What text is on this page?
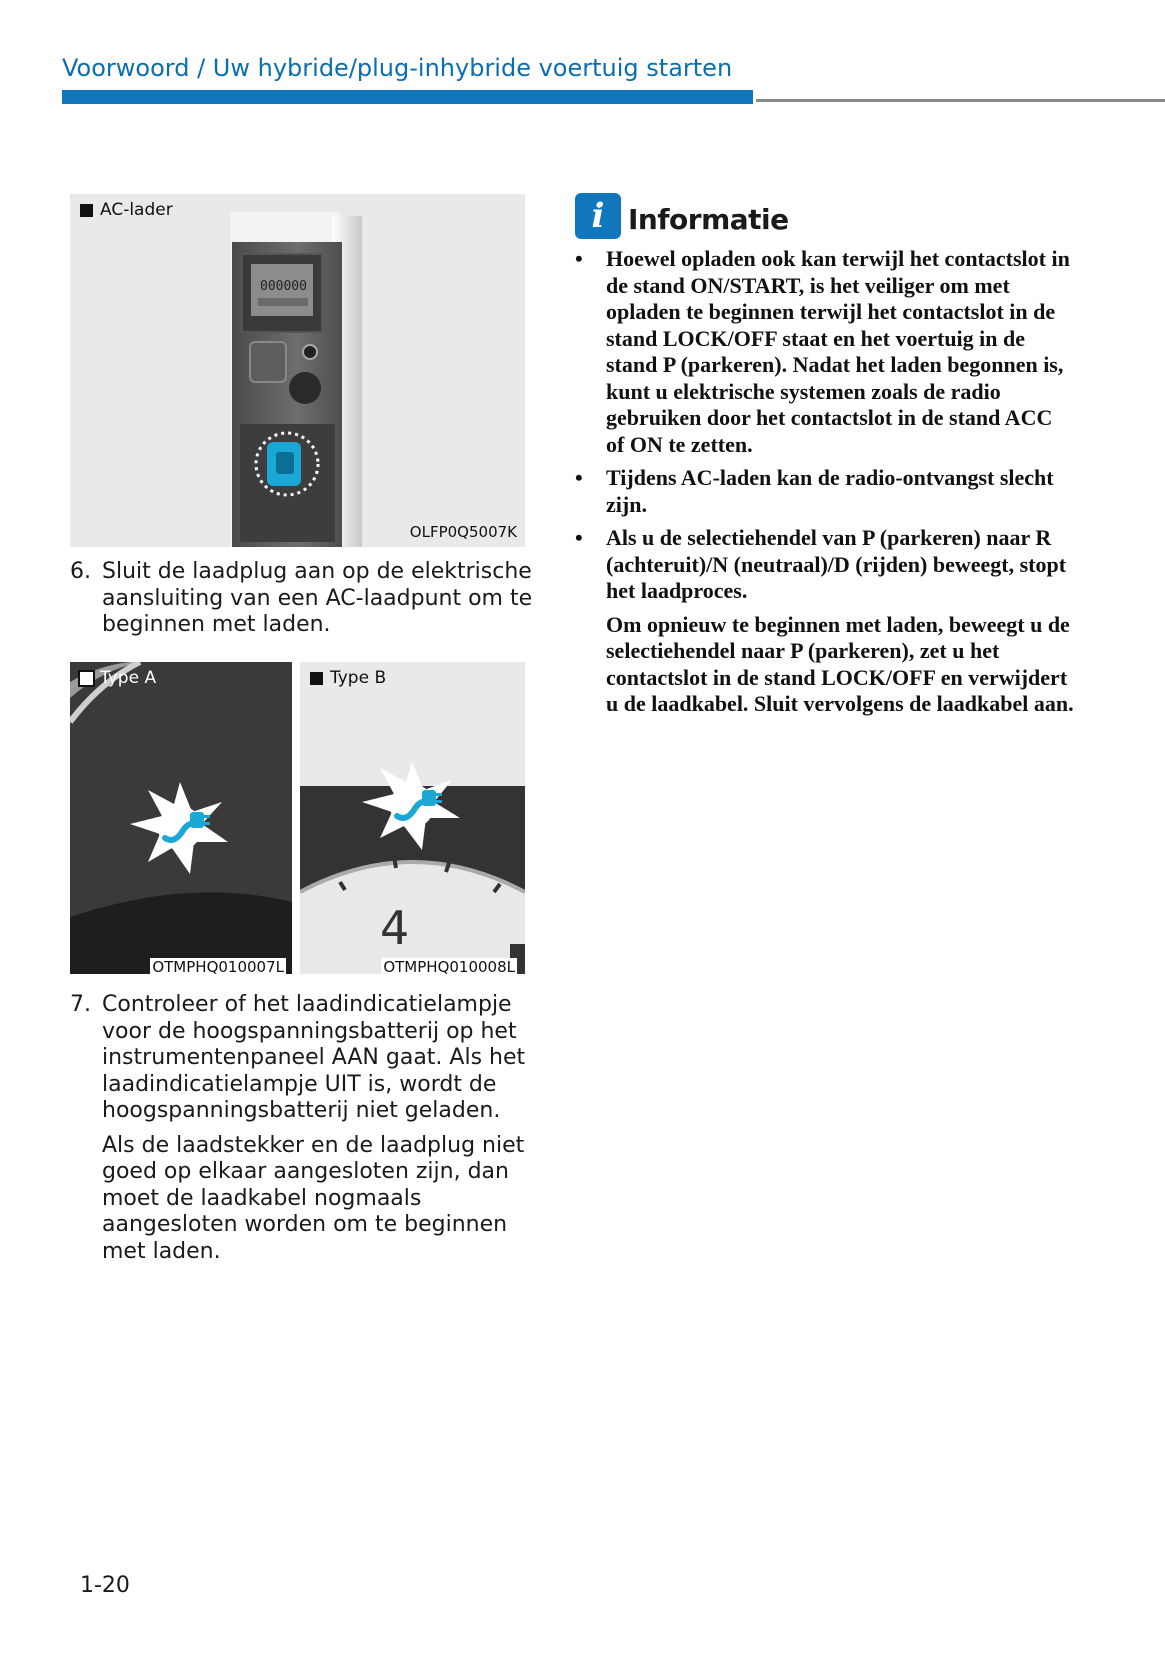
Voorwoord / Uw hybride/plug-inhybride voertuig starten
000000
AC-lader
OLFP0Q5007K
6. Sluit de laadplug aan op de elektrische aansluiting van een AC-laadpunt om te beginnen met laden.
Type A
OTMPHQ010007L
4
Type B
OTMPHQ010008L
7. Controleer of het laadindicatielampje voor de hoogspanningsbatterij op het instrumentenpaneel AAN gaat. Als het laadindicatielampje UIT is, wordt de hoogspanningsbatterij niet geladen.
Als de laadstekker en de laadplug niet goed op elkaar aangesloten zijn, dan moet de laadkabel nogmaals aangesloten worden om te beginnen met laden.
i Informatie
• Hoewel opladen ook kan terwijl het contactslot in de stand ON/START, is het veiliger om met opladen te beginnen terwijl het contactslot in de stand LOCK/OFF staat en het voertuig in de stand P (parkeren). Nadat het laden begonnen is, kunt u elektrische systemen zoals de radio gebruiken door het contactslot in de stand ACC of ON te zetten.
• Tijdens AC-laden kan de radio-ontvangst slecht zijn.
• Als u de selectiehendel van P (parkeren) naar R (achteruit)/N (neutraal)/D (rijden) beweegt, stopt het laadproces.
Om opnieuw te beginnen met laden, beweegt u de selectiehendel naar P (parkeren), zet u het contactslot in de stand LOCK/OFF en verwijdert u de laadkabel. Sluit vervolgens de laadkabel aan.
1-20
